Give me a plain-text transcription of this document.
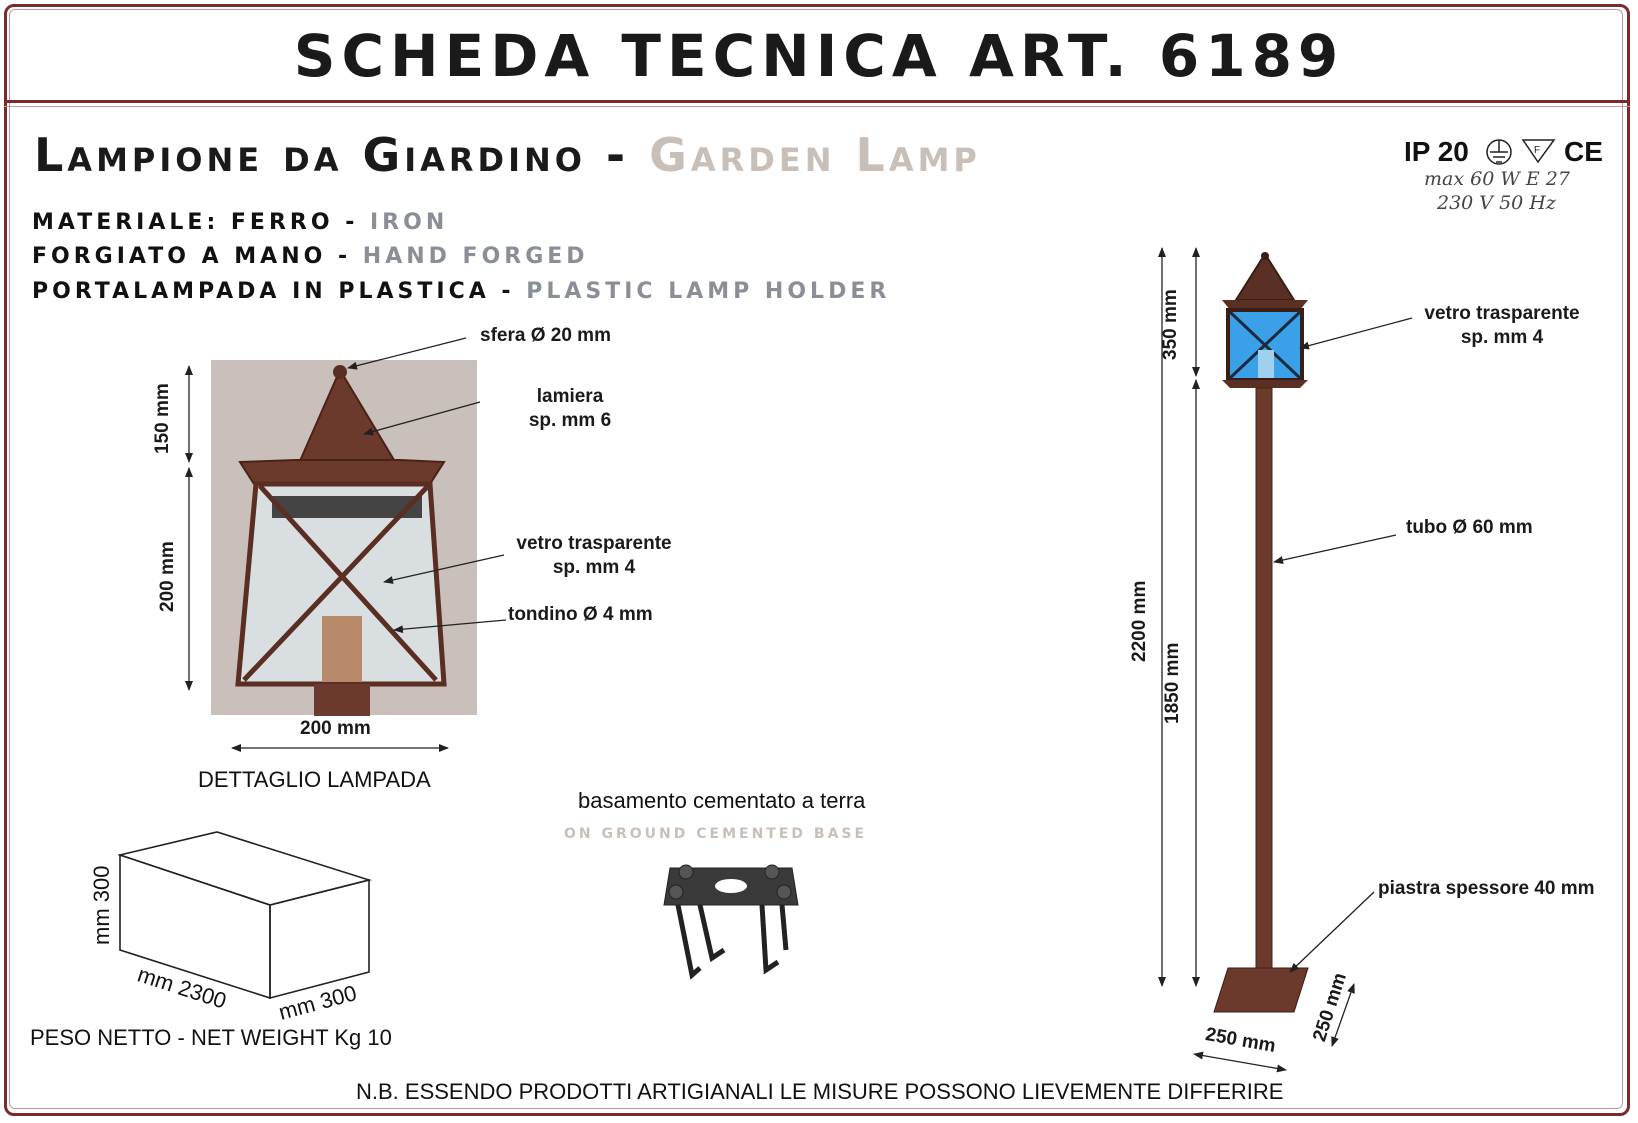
SCHEDA TECNICA ART. 6189
Lampione da Giardino - Garden Lamp
MATERIALE: FERRO - IRON
FORGIATO A MANO - HAND FORGED
PORTALAMPADA IN PLASTICA - PLASTIC LAMP HOLDER
IP 20	F CE
max 60 W E 27
230 V 50 Hz
sfera Ø 20 mm
lamiera
sp. mm 6
vetro trasparente
sp. mm 4
tondino Ø 4 mm
150 mm
200 mm
200 mm
DETTAGLIO LAMPADA
basamento cementato a terra
ON GROUND CEMENTED BASE
mm 300
mm 2300 mm 300
PESO NETTO - NET WEIGHT Kg 10
vetro trasparente
sp. mm 4
tubo Ø 60 mm
piastra spessore 40 mm
2200 mm
350 mm
1850 mm
250 mm 250 mm
N.B. ESSENDO PRODOTTI ARTIGIANALI LE MISURE POSSONO LIEVEMENTE DIFFERIRE
